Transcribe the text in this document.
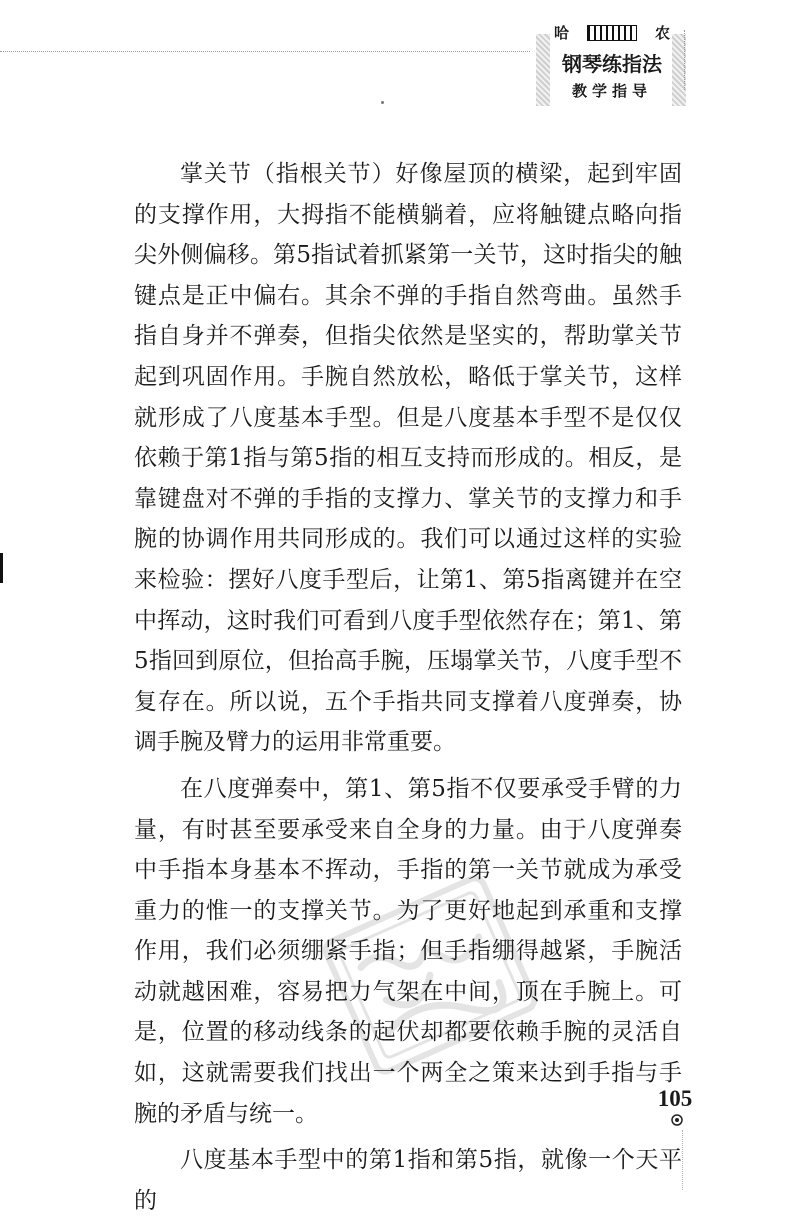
哈	农
钢琴练指法
教学指导

掌关节（指根关节）好像屋顶的横梁，起到牢固的支撑作用，大拇指不能横躺着，应将触键点略向指尖外侧偏移。第5指试着抓紧第一关节，这时指尖的触键点是正中偏右。其余不弹的手指自然弯曲。虽然手指自身并不弹奏，但指尖依然是坚实的，帮助掌关节起到巩固作用。手腕自然放松，略低于掌关节，这样就形成了八度基本手型。但是八度基本手型不是仅仅依赖于第1指与第5指的相互支持而形成的。相反，是靠键盘对不弹的手指的支撑力、掌关节的支撑力和手腕的协调作用共同形成的。我们可以通过这样的实验来检验：摆好八度手型后，让第1、第5指离键并在空中挥动，这时我们可看到八度手型依然存在；第1、第5指回到原位，但抬高手腕，压塌掌关节，八度手型不复存在。所以说，五个手指共同支撑着八度弹奏，协调手腕及臂力的运用非常重要。

在八度弹奏中，第1、第5指不仅要承受手臂的力量，有时甚至要承受来自全身的力量。由于八度弹奏中手指本身基本不挥动，手指的第一关节就成为承受重力的惟一的支撑关节。为了更好地起到承重和支撑作用，我们必须绷紧手指；但手指绷得越紧，手腕活动就越困难，容易把力气架在中间，顶在手腕上。可是，位置的移动线条的起伏却都要依赖手腕的灵活自如，这就需要我们找出一个两全之策来达到手指与手腕的矛盾与统一。

八度基本手型中的第1指和第5指，就像一个天平的

105
